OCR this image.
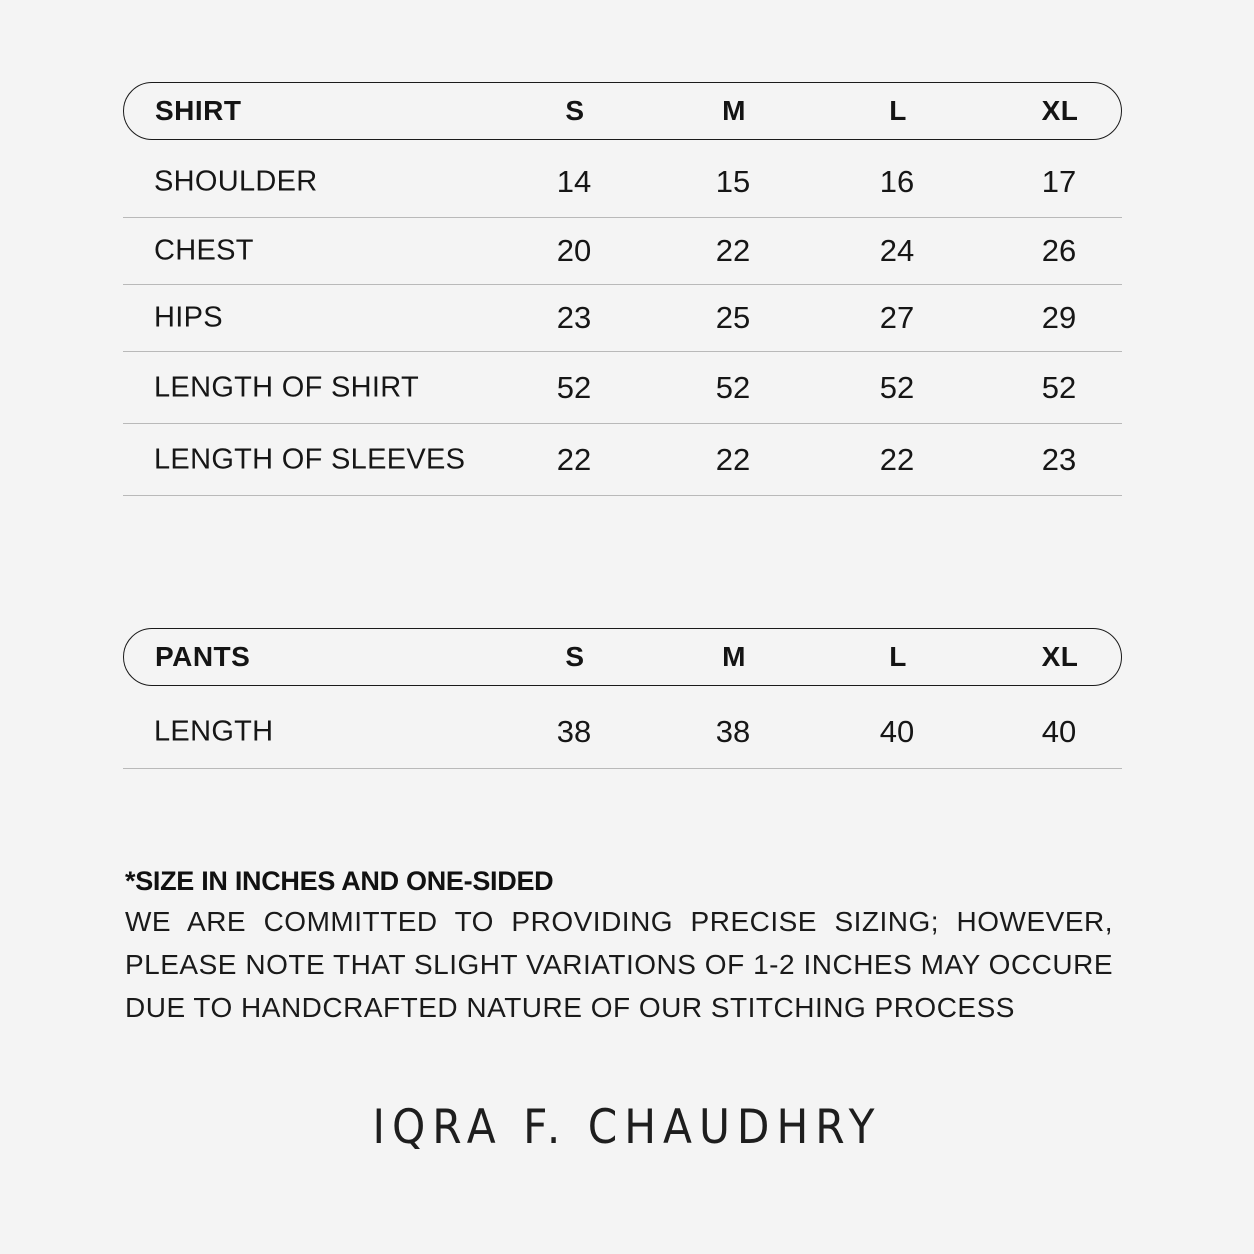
SHIRT	S	M	L	XL
SHOULDER	14	15	16	17
CHEST	20	22	24	26
HIPS	23	25	27	29
LENGTH OF SHIRT	52	52	52	52
LENGTH OF SLEEVES	22	22	22	23
PANTS	S	M	L	XL
LENGTH	38	38	40	40
*SIZE IN INCHES AND ONE-SIDED
WE ARE COMMITTED TO PROVIDING PRECISE SIZING; HOWEVER, PLEASE NOTE THAT SLIGHT VARIATIONS OF 1-2 INCHES MAY OCCURE DUE TO HANDCRAFTED NATURE OF OUR STITCHING PROCESS
IQRA F. CHAUDHRY
